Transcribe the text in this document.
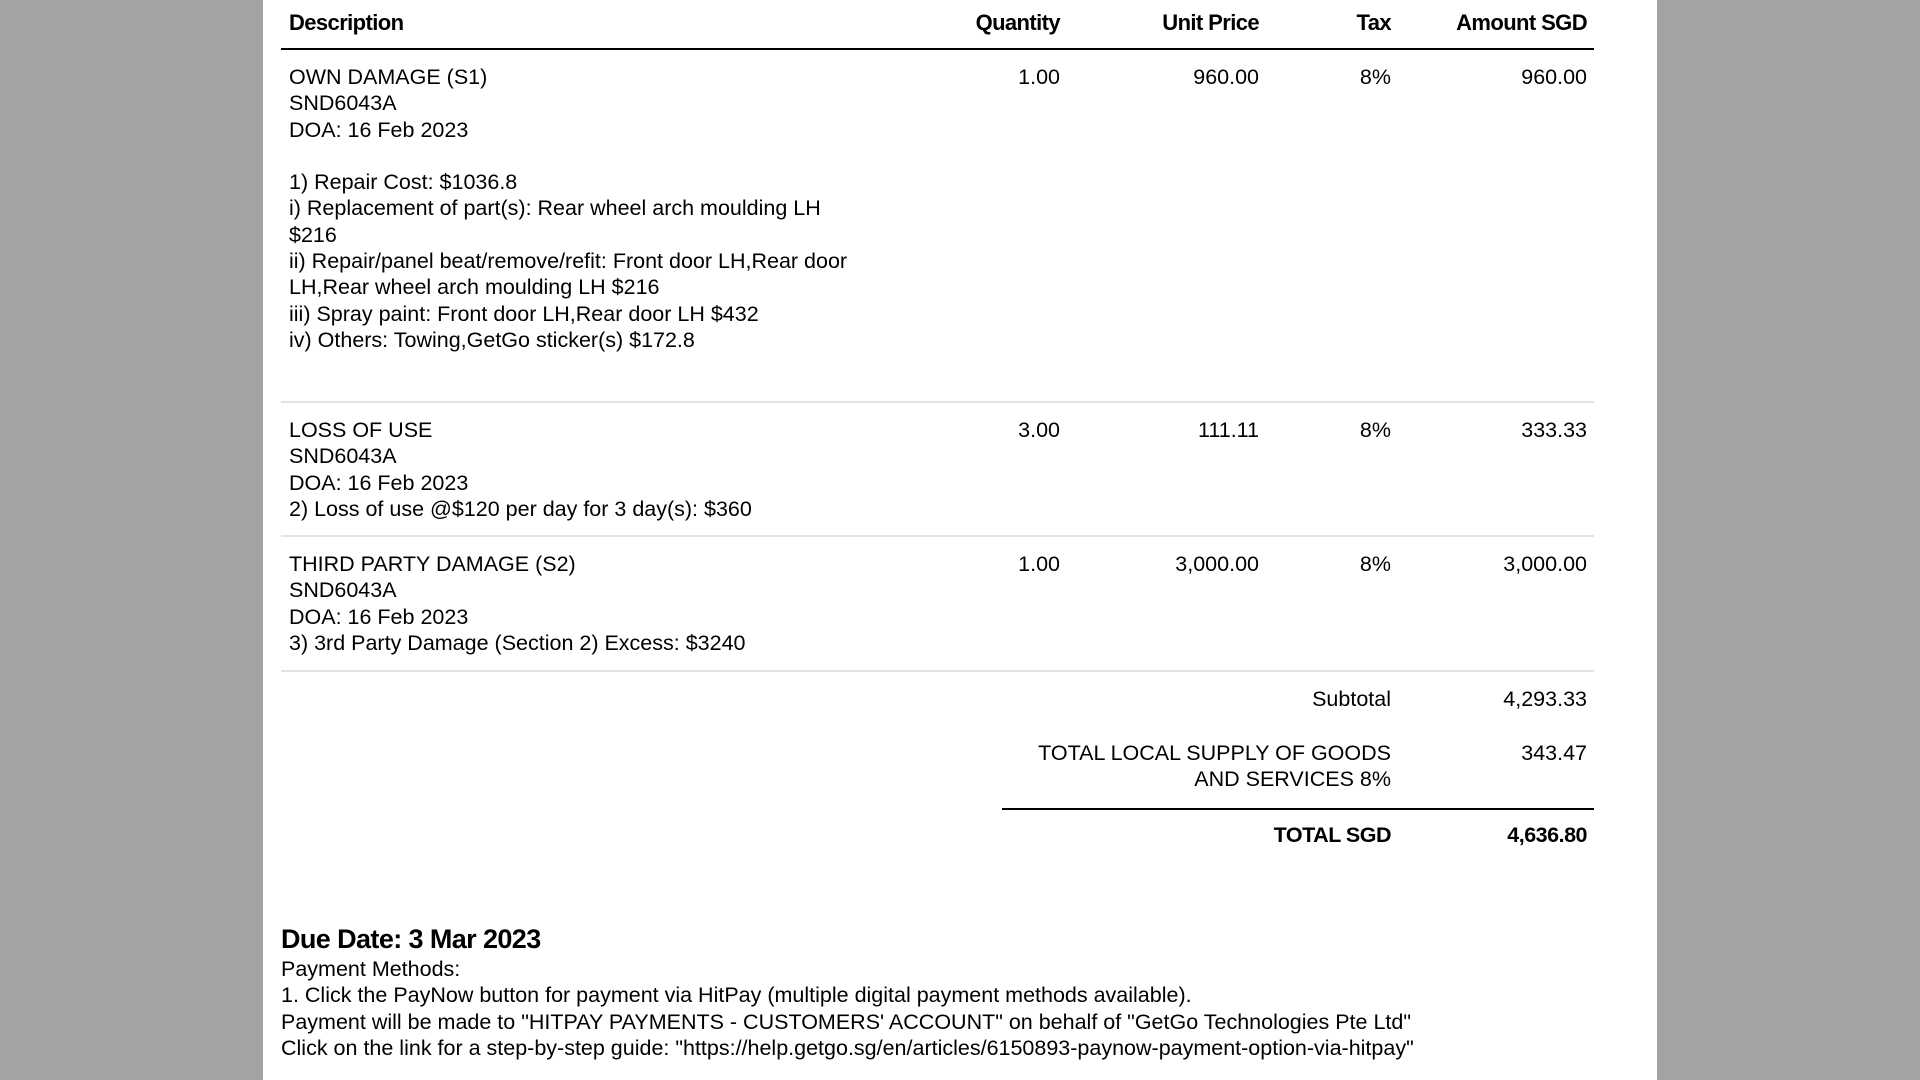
Description	Quantity	Unit Price	Tax	Amount SGD
OWN DAMAGE (S1)
SND6043A
DOA: 16 Feb 2023
1) Repair Cost: $1036.8
i) Replacement of part(s): Rear wheel arch moulding LH
$216
ii) Repair/panel beat/remove/refit: Front door LH,Rear door
LH,Rear wheel arch moulding LH $216
iii) Spray paint: Front door LH,Rear door LH $432
iv) Others: Towing,GetGo sticker(s) $172.8
1.00	960.00	8%	960.00
LOSS OF USE
SND6043A
DOA: 16 Feb 2023
2) Loss of use @$120 per day for 3 day(s): $360
3.00	111.11	8%	333.33
THIRD PARTY DAMAGE (S2)
SND6043A
DOA: 16 Feb 2023
3) 3rd Party Damage (Section 2) Excess: $3240
1.00	3,000.00	8%	3,000.00
Subtotal	4,293.33
TOTAL LOCAL SUPPLY OF GOODS
AND SERVICES 8%
343.47
TOTAL SGD	4,636.80
Due Date: 3 Mar 2023
Payment Methods:
1. Click the PayNow button for payment via HitPay (multiple digital payment methods available).
Payment will be made to "HITPAY PAYMENTS - CUSTOMERS' ACCOUNT" on behalf of "GetGo Technologies Pte Ltd"
Click on the link for a step-by-step guide: "https://help.getgo.sg/en/articles/6150893-paynow-payment-option-via-hitpay"
